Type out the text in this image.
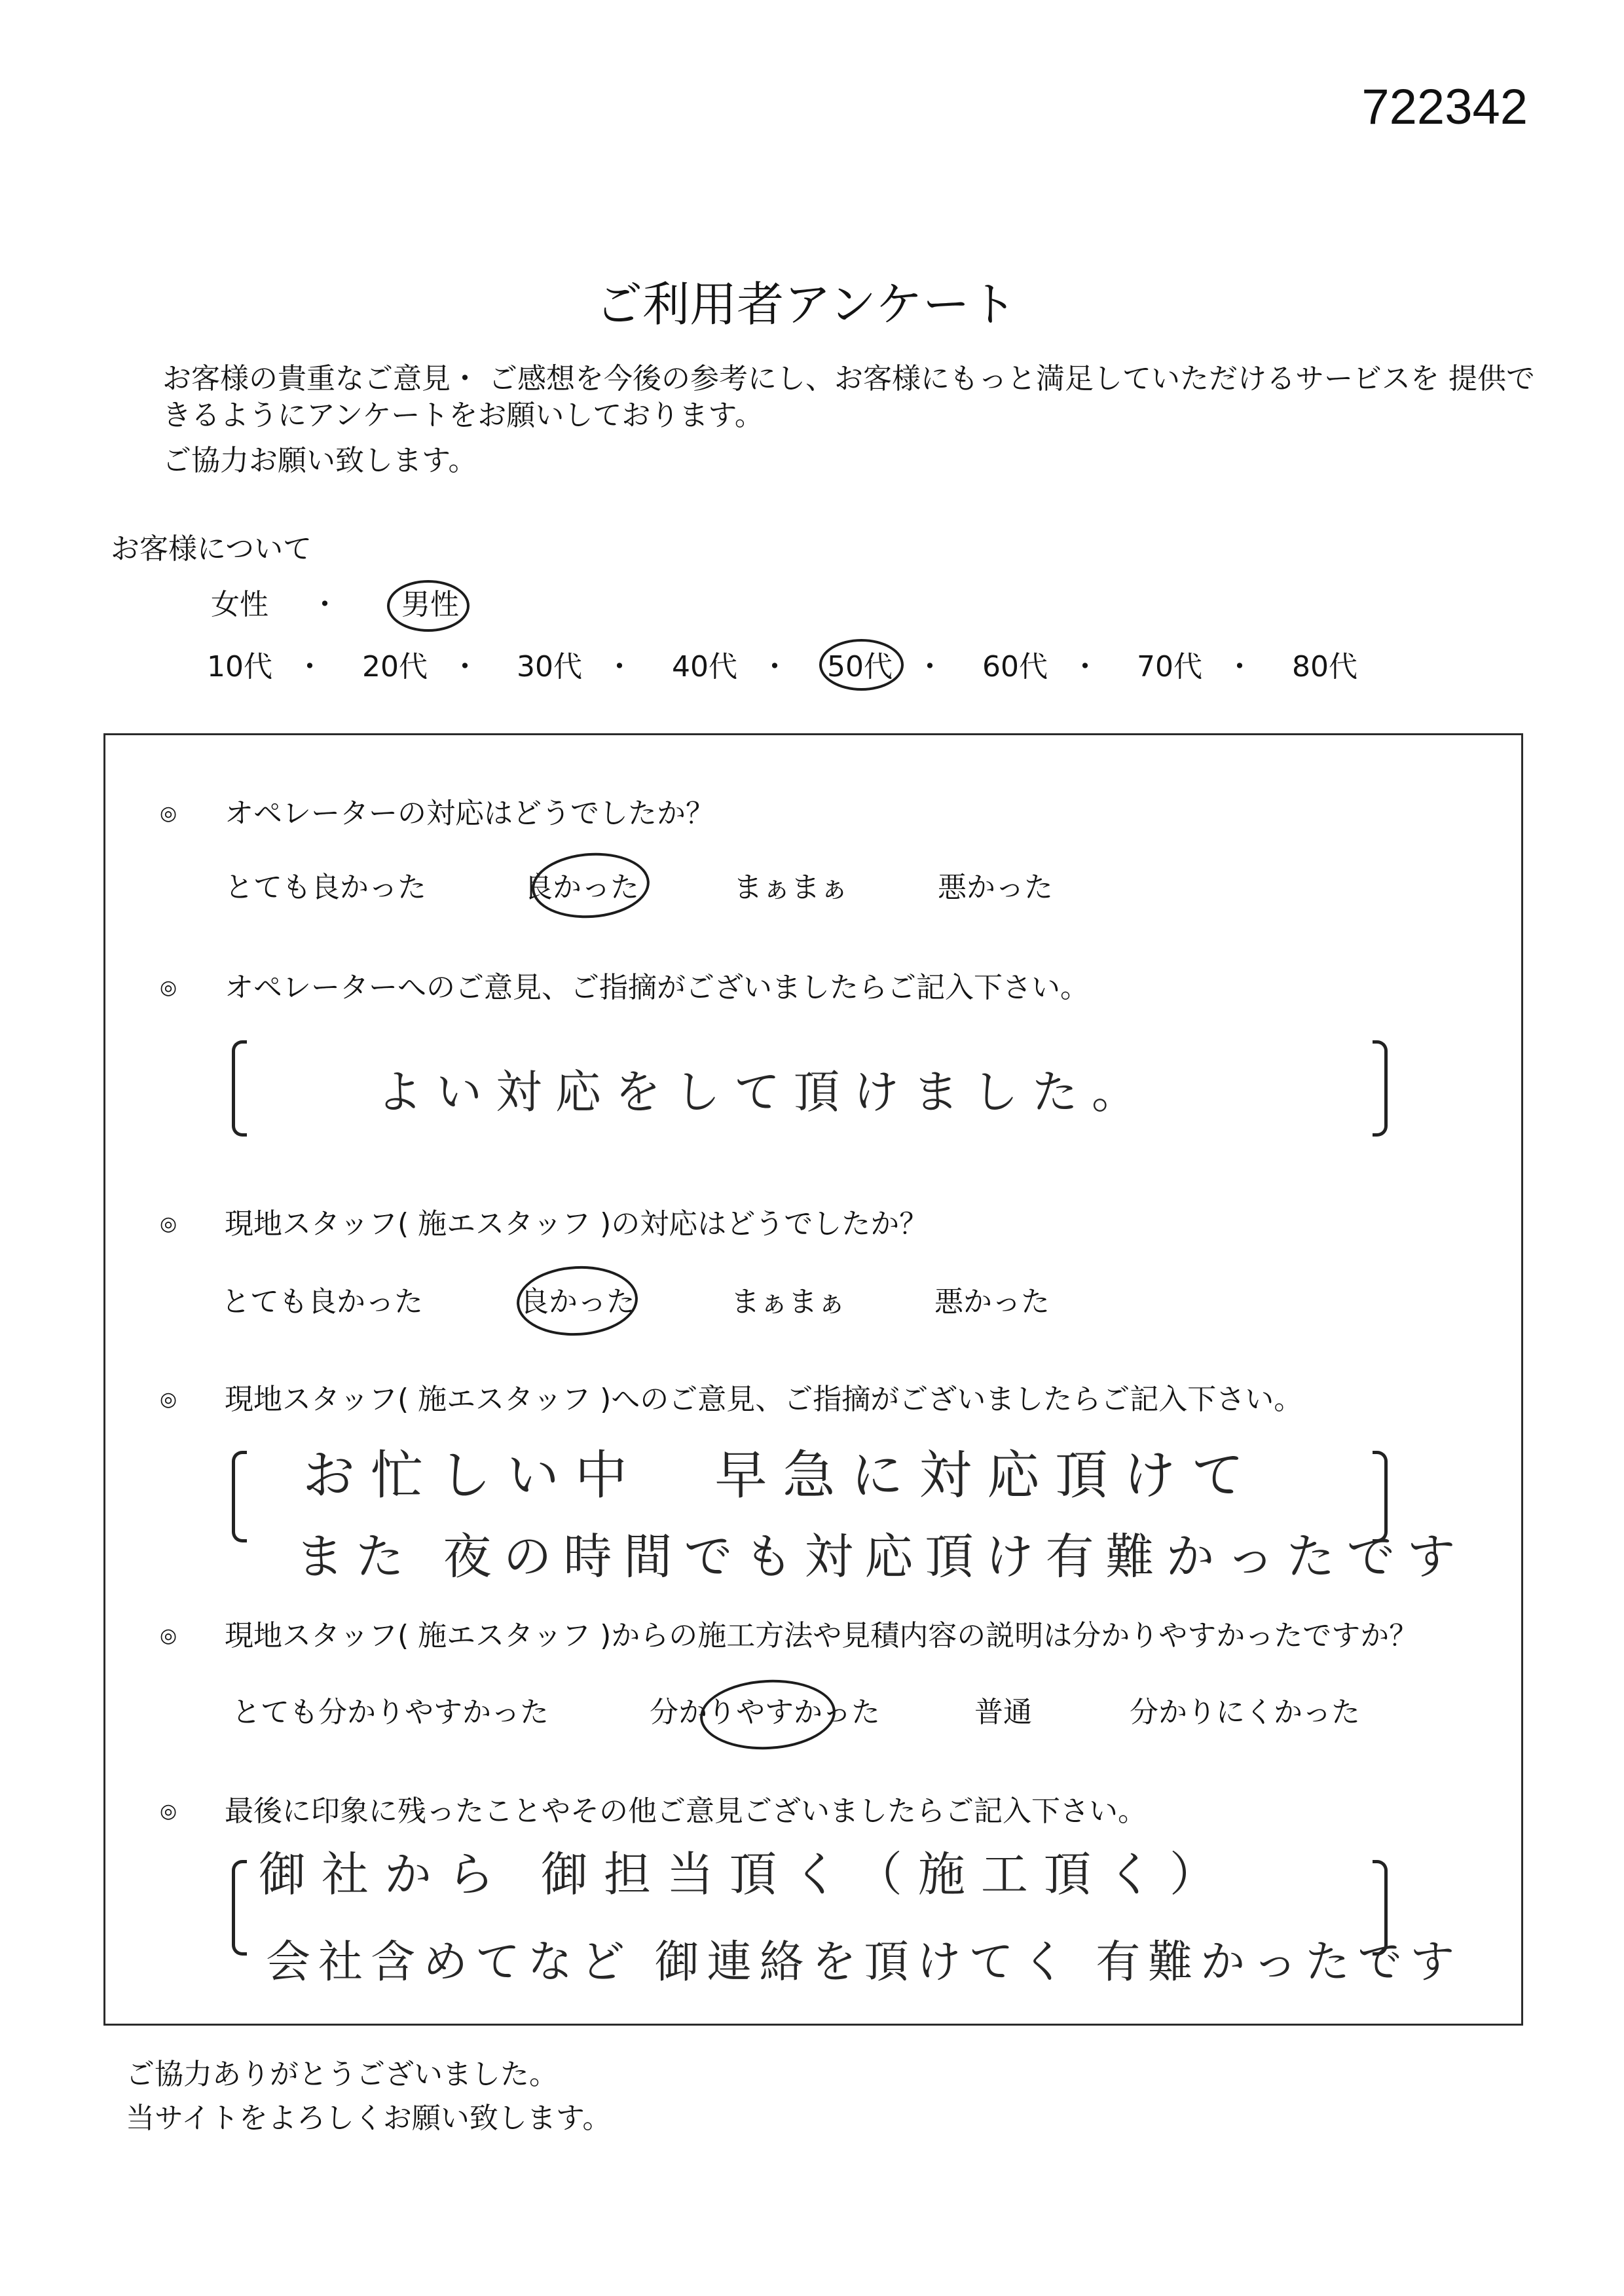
722342
ご利用者アンケート
お客様の貴重なご意見・ ご感想を今後の参考にし、お客様にもっと満足していただけるサービスを 提供で
きるようにアンケートをお願いしております。
ご協力お願い致します。
お客様について
女性 ・ 男性
10代 ・ 20代 ・ 30代 ・ 40代 ・ 50代 ・ 60代 ・ 70代 ・ 80代
◎ オペレーターの対応はどうでしたか？
とても良かった	良かった	まぁまぁ	悪かった
◎ オペレーターへのご意見、ご指摘がございましたらご記入下さい。
よい対応をして頂けました。
◎ 現地スタッフ( 施エスタッフ )の対応はどうでしたか？
とても良かった	良かった	まぁまぁ	悪かった
◎ 現地スタッフ( 施エスタッフ )へのご意見、ご指摘がございましたらご記入下さい。
お忙しい中 早急に対応頂けて
また 夜の時間でも対応頂け有難かったです
◎ 現地スタッフ( 施エスタッフ )からの施工方法や見積内容の説明は分かりやすかったですか？
とても分かりやすかった	分かりやすかった	普通	分かりにくかった
◎ 最後に印象に残ったことやその他ご意見ございましたらご記入下さい。
御社から 御担当頂く（施工頂く）
会社含めてなど 御連絡を頂けてく 有難かったです
ご協力ありがとうございました。
当サイトをよろしくお願い致します。
